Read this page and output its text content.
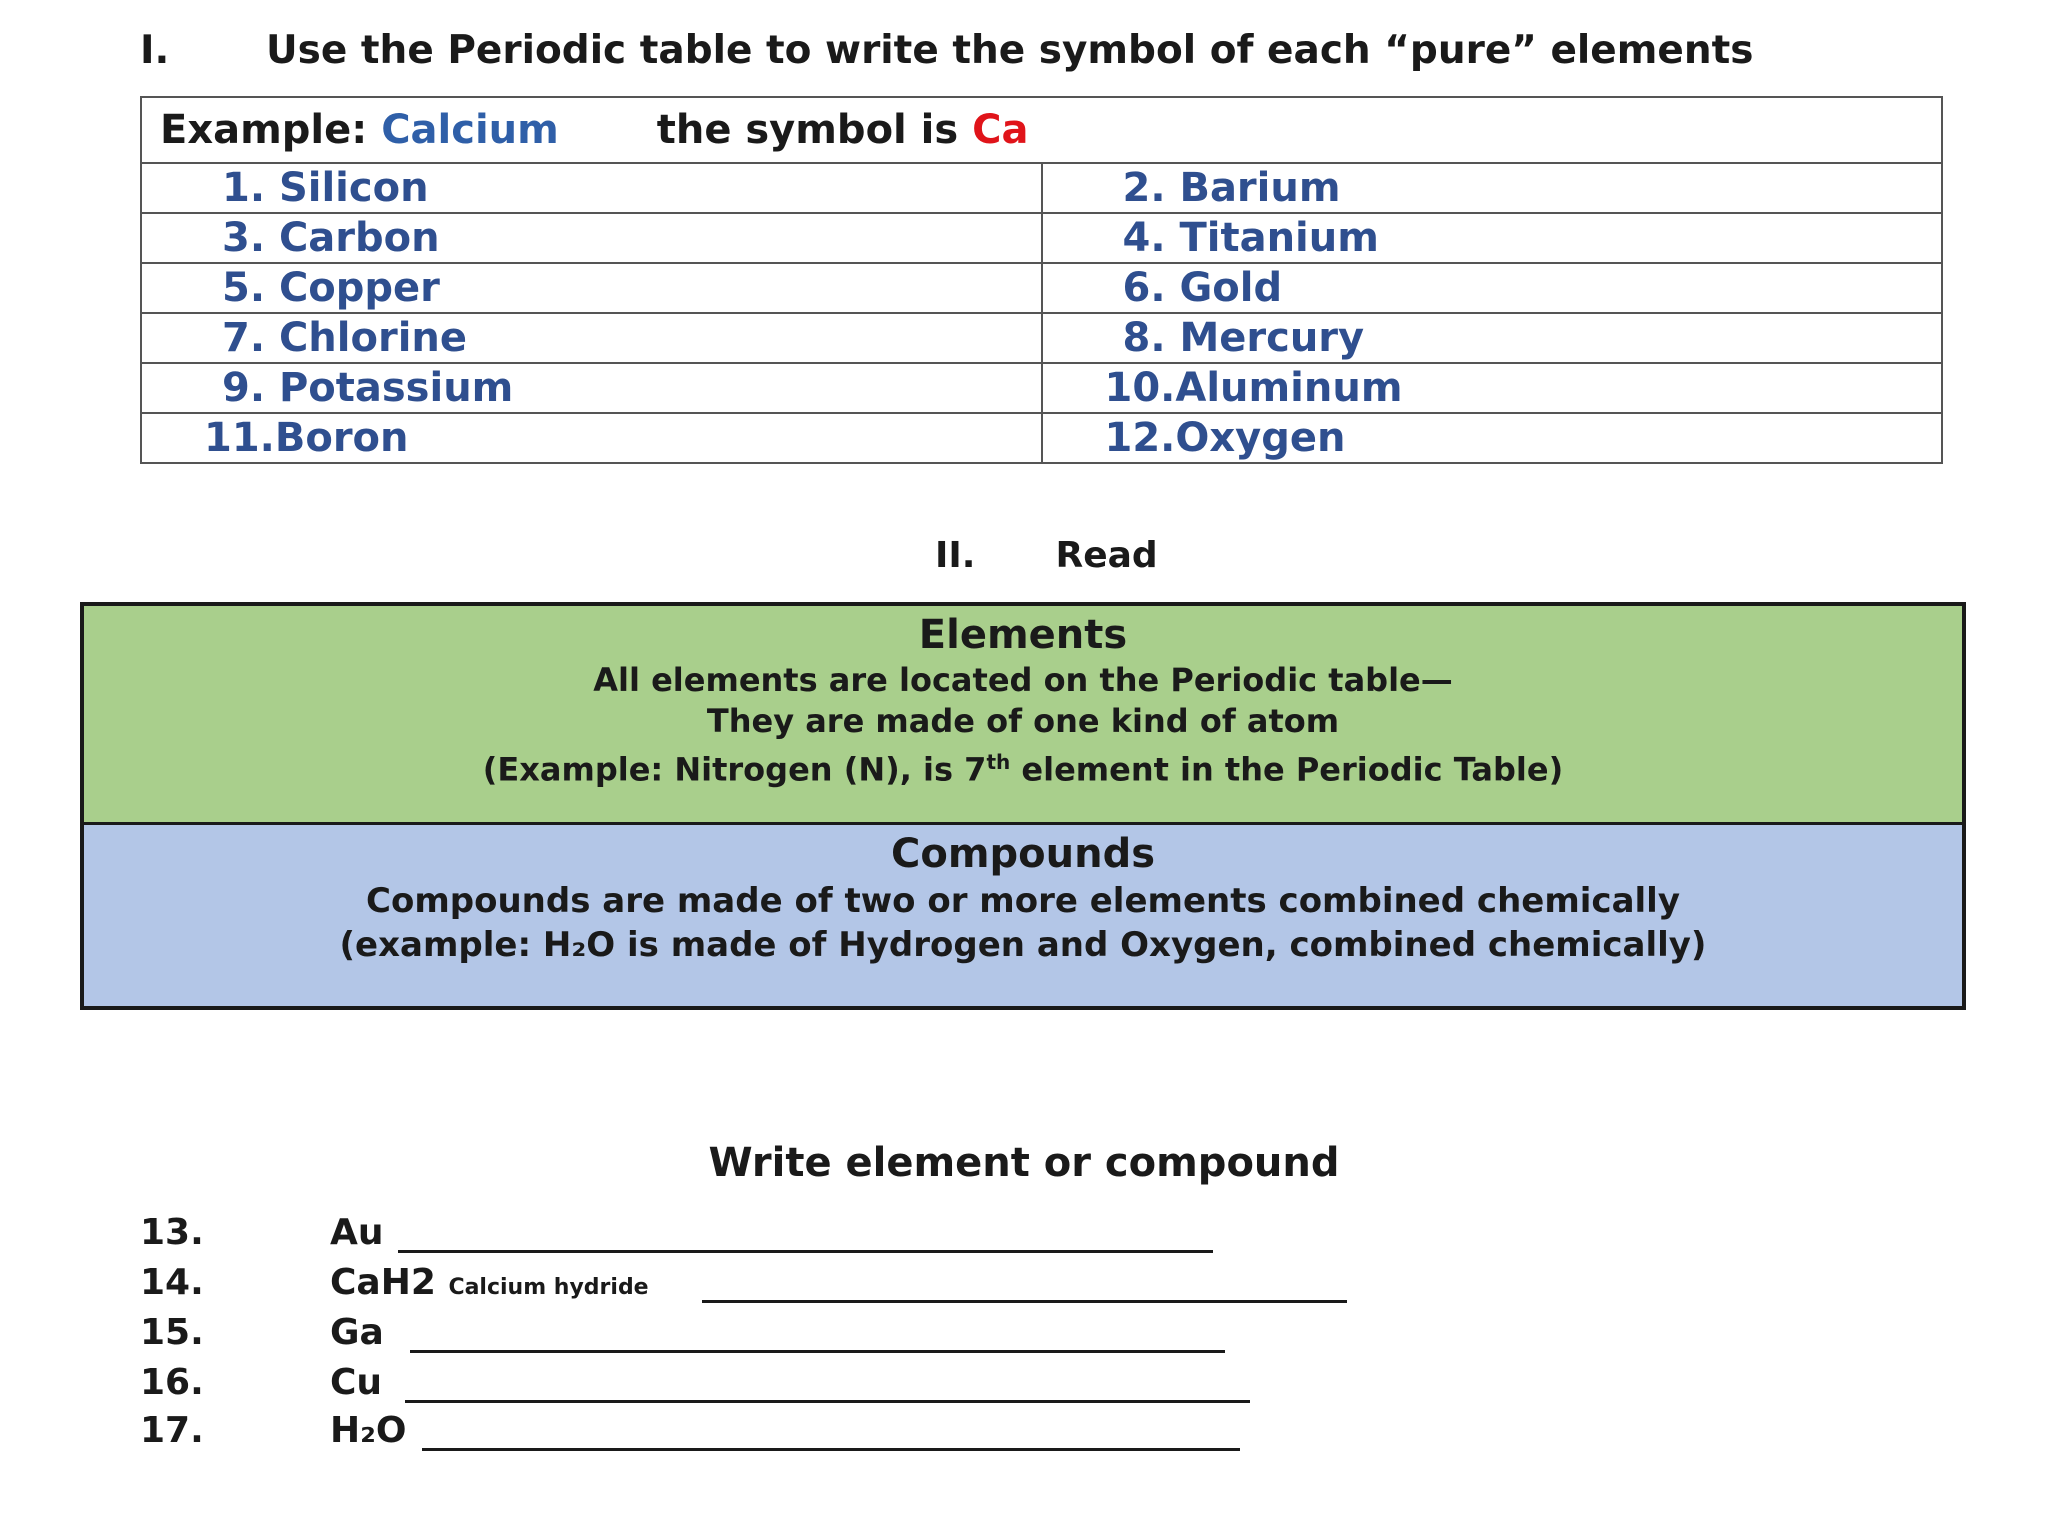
I. Use the Periodic table to write the symbol of each “pure” elements
Example: Calcium the symbol is Ca	
1. Silicon	2. Barium
3. Carbon	4. Titanium
5. Copper	6. Gold
7. Chlorine	8. Mercury
9. Potassium	10.Aluminum
11.Boron	12.Oxygen
II. Read
Elements
All elements are located on the Periodic table—
They are made of one kind of atom
(Example: Nitrogen (N), is 7th element in the Periodic Table)
Compounds
Compounds are made of two or more elements combined chemically
(example: H₂O is made of Hydrogen and Oxygen, combined chemically)
Write element or compound
13.	Au
14.	CaH2 Calcium hydride
15.	Ga
16.	Cu
17.	H₂O
